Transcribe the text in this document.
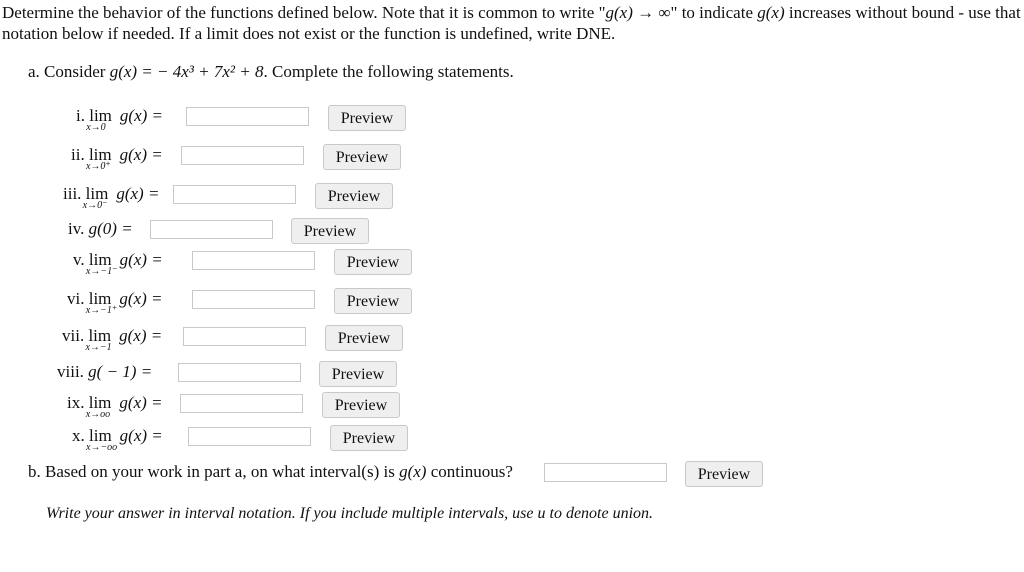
Determine the behavior of the functions defined below. Note that it is common to write "g(x) → ∞" to indicate g(x) increases without bound - use that notation below if needed. If a limit does not exist or the function is undefined, write DNE.
a. Consider g(x) = − 4x³ + 7x² + 8. Complete the following statements.
i. lim
x→0
g(x) =	Preview
ii. lim
x→0⁺
g(x) =	Preview
iii. lim
x→0⁻
g(x) =	Preview
iv. g(0) =	Preview
v. lim
x→−1⁻
g(x) =	Preview
vi. lim
x→−1⁺
g(x) =	Preview
vii. lim
x→−1
g(x) =	Preview
viii. g( − 1) =	Preview
ix. lim
x→oo
g(x) =	Preview
x. lim
x→−oo
g(x) =	Preview
b. Based on your work in part a, on what interval(s) is g(x) continuous?	Preview
Write your answer in interval notation. If you include multiple intervals, use u to denote union.
